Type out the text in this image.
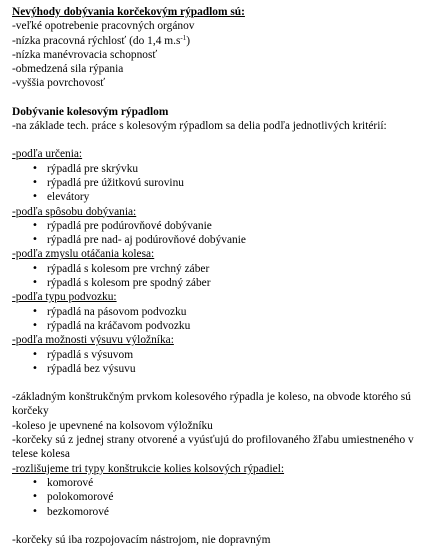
Nevýhody dobývania korčekovým rýpadlom sú:
-veľké opotrebenie pracovných orgánov
-nízka pracovná rýchlosť (do 1,4 $m.s^{-1}$)
-nízka manévrovacia schopnosť
-obmedzená sila rýpania
-vyššia povrchovosť
Dobývanie kolesovým rýpadlom
-na základe tech. práce s kolesovým rýpadlom sa delia podľa jednotlivých kritérií:
-podľa určenia:
• rýpadlá pre skrývku
• rýpadlá pre úžitkovú surovinu
• elevátory
-podľa spôsobu dobývania:
• rýpadlá pre podúrovňové dobývanie
• rýpadlá pre nad- aj podúrovňové dobývanie
-podľa zmyslu otáčania kolesa:
• rýpadlá s kolesom pre vrchný záber
• rýpadlá s kolesom pre spodný záber
-podľa typu podvozku:
• rýpadlá na pásovom podvozku
• rýpadlá na kráčavom podvozku
-podľa možnosti výsuvu výložníka:
• rýpadlá s výsuvom
• rýpadlá bez výsuvu
-základným konštrukčným prvkom kolesového rýpadla je koleso, na obvode ktorého sú korčeky
-koleso je upevnené na kolsovom výložníku
-korčeky sú z jednej strany otvorené a vyúsťujú do profilovaného žľabu umiestneného v telese kolesa
-rozlišujeme tri typy konštrukcie kolies kolsových rýpadiel:
• komorové
• polokomorové
• bezkomorové
-korčeky sú iba rozpojovacím nástrojom, nie dopravným
